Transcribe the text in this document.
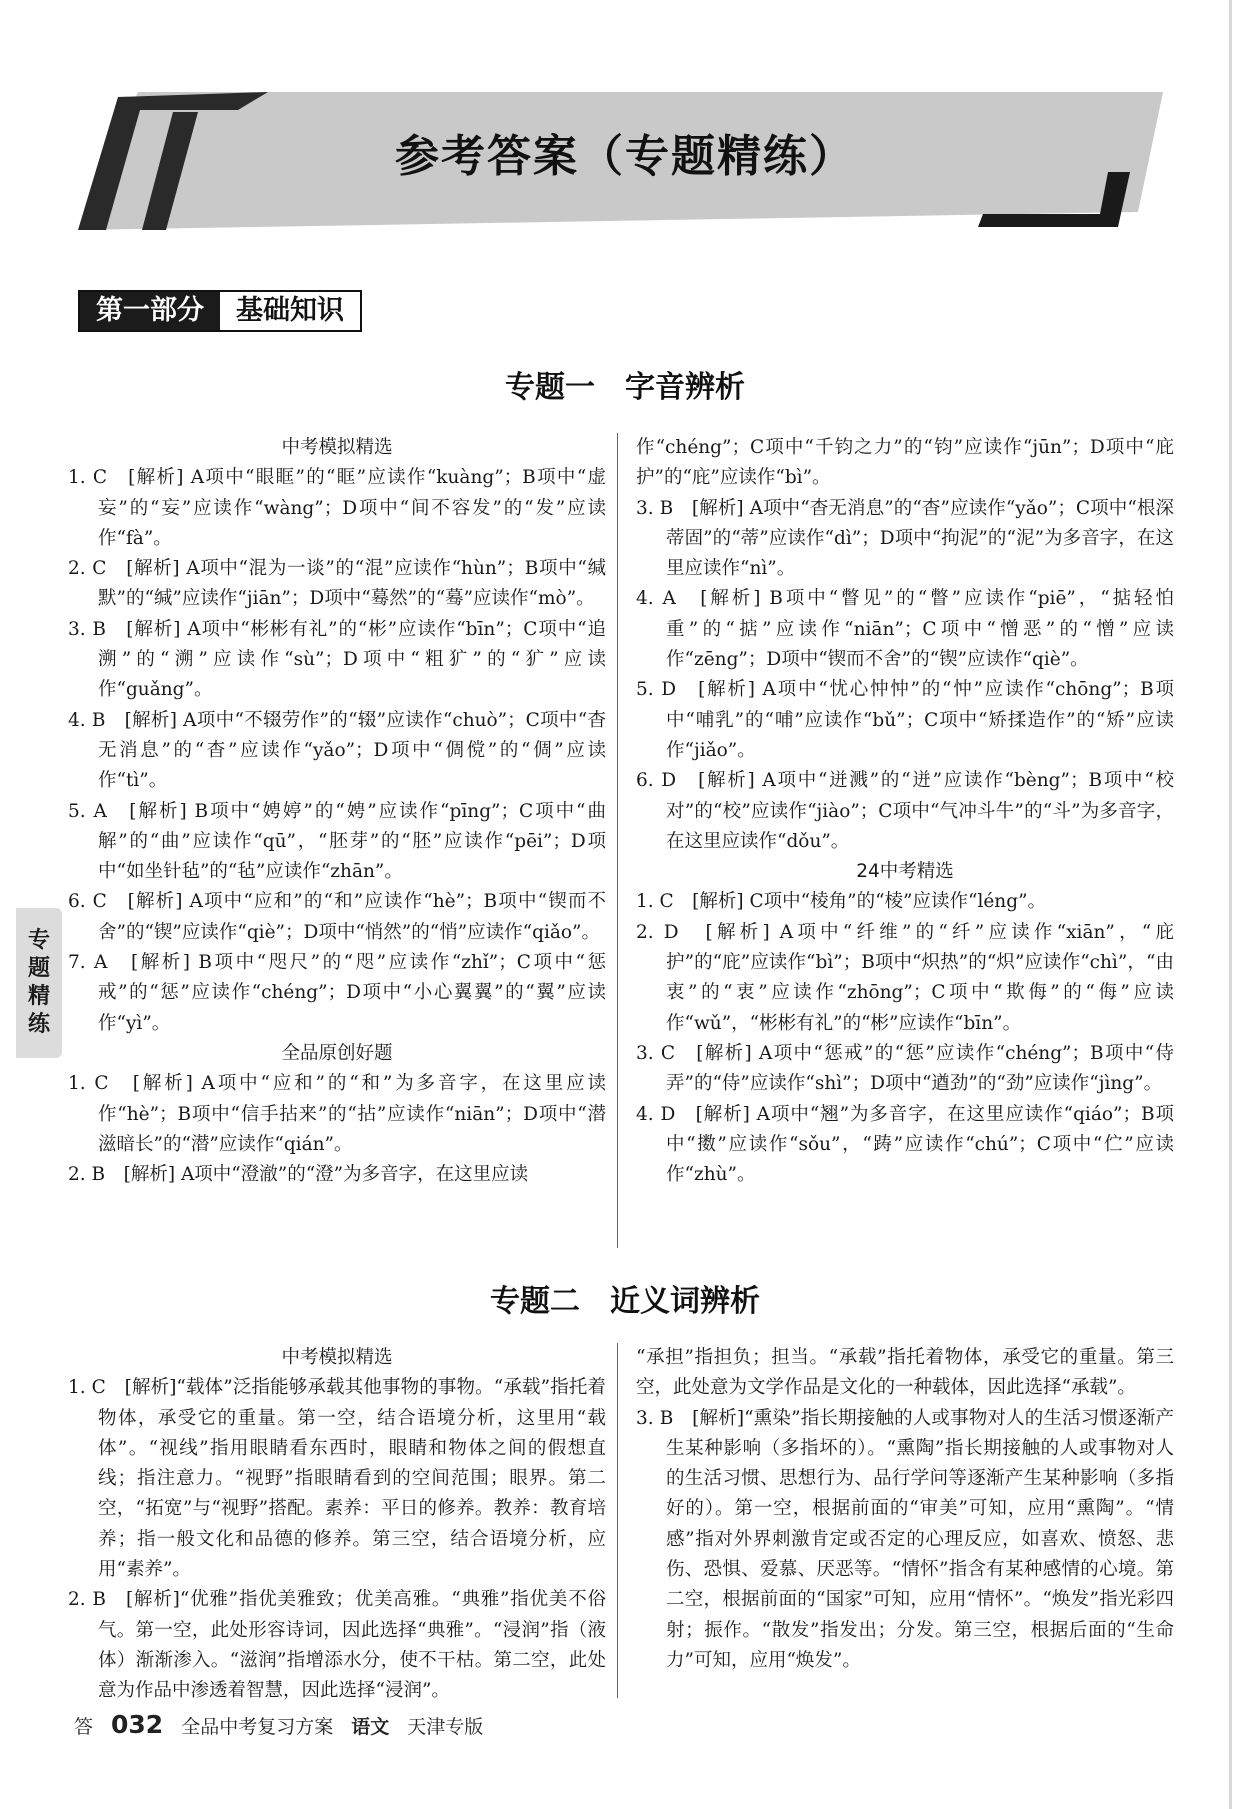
参考答案（专题精练）
第一部分	基础知识
专题一　字音辨析
中考模拟精选

1. C　[解析] A项中“眼眶”的“眶”应读作“kuàng”；B项中“虚妄”的“妄”应读作“wàng”；D项中“间不容发”的“发”应读作“fà”。

2. C　[解析] A项中“混为一谈”的“混”应读作“hùn”；B项中“缄默”的“缄”应读作“jiān”；D项中“蓦然”的“蓦”应读作“mò”。

3. B　[解析] A项中“彬彬有礼”的“彬”应读作“bīn”；C项中“追溯”的“溯”应读作“sù”；D项中“粗犷”的“犷”应读作“guǎng”。

4. B　[解析] A项中“不辍劳作”的“辍”应读作“chuò”；C项中“杳无消息”的“杳”应读作“yǎo”；D项中“倜傥”的“倜”应读作“tì”。

5. A　[解析] B项中“娉婷”的“娉”应读作“pīng”；C项中“曲解”的“曲”应读作“qū”，“胚芽”的“胚”应读作“pēi”；D项中“如坐针毡”的“毡”应读作“zhān”。

6. C　[解析] A项中“应和”的“和”应读作“hè”；B项中“锲而不舍”的“锲”应读作“qiè”；D项中“悄然”的“悄”应读作“qiǎo”。

7. A　[解析] B项中“咫尺”的“咫”应读作“zhǐ”；C项中“惩戒”的“惩”应读作“chéng”；D项中“小心翼翼”的“翼”应读作“yì”。

全品原创好题

1. C　[解析] A项中“应和”的“和”为多音字，在这里应读作“hè”；B项中“信手拈来”的“拈”应读作“niān”；D项中“潜滋暗长”的“潜”应读作“qián”。

2. B　[解析] A项中“澄澈”的“澄”为多音字，在这里应读

作“chéng”；C项中“千钧之力”的“钧”应读作“jūn”；D项中“庇护”的“庇”应读作“bì”。

3. B　[解析] A项中“杳无消息”的“杳”应读作“yǎo”；C项中“根深蒂固”的“蒂”应读作“dì”；D项中“拘泥”的“泥”为多音字，在这里应读作“nì”。

4. A　[解析] B项中“瞥见”的“瞥”应读作“piē”，“掂轻怕重”的“掂”应读作“niān”；C项中“憎恶”的“憎”应读作“zēng”；D项中“锲而不舍”的“锲”应读作“qiè”。

5. D　[解析] A项中“忧心忡忡”的“忡”应读作“chōng”；B项中“哺乳”的“哺”应读作“bǔ”；C项中“矫揉造作”的“矫”应读作“jiǎo”。

6. D　[解析] A项中“迸溅”的“迸”应读作“bèng”；B项中“校对”的“校”应读作“jiào”；C项中“气冲斗牛”的“斗”为多音字，在这里应读作“dǒu”。

24中考精选

1. C　[解析] C项中“棱角”的“棱”应读作“léng”。

2. D　[解析] A项中“纤维”的“纤”应读作“xiān”，“庇护”的“庇”应读作“bì”；B项中“炽热”的“炽”应读作“chì”，“由衷”的“衷”应读作“zhōng”；C项中“欺侮”的“侮”应读作“wǔ”，“彬彬有礼”的“彬”应读作“bīn”。

3. C　[解析] A项中“惩戒”的“惩”应读作“chéng”；B项中“侍弄”的“侍”应读作“shì”；D项中“遒劲”的“劲”应读作“jìng”。

4. D　[解析] A项中“翘”为多音字，在这里应读作“qiáo”；B项中“擞”应读作“sǒu”，“踌”应读作“chú”；C项中“伫”应读作“zhù”。

专题二　近义词辨析
中考模拟精选

1. C　[解析]“载体”泛指能够承载其他事物的事物。“承载”指托着物体，承受它的重量。第一空，结合语境分析，这里用“载体”。“视线”指用眼睛看东西时，眼睛和物体之间的假想直线；指注意力。“视野”指眼睛看到的空间范围；眼界。第二空，“拓宽”与“视野”搭配。素养：平日的修养。教养：教育培养；指一般文化和品德的修养。第三空，结合语境分析，应用“素养”。

2. B　[解析]“优雅”指优美雅致；优美高雅。“典雅”指优美不俗气。第一空，此处形容诗词，因此选择“典雅”。“浸润”指（液体）渐渐渗入。“滋润”指增添水分，使不干枯。第二空，此处意为作品中渗透着智慧，因此选择“浸润”。

“承担”指担负；担当。“承载”指托着物体，承受它的重量。第三空，此处意为文学作品是文化的一种载体，因此选择“承载”。

3. B　[解析]“熏染”指长期接触的人或事物对人的生活习惯逐渐产生某种影响（多指坏的）。“熏陶”指长期接触的人或事物对人的生活习惯、思想行为、品行学问等逐渐产生某种影响（多指好的）。第一空，根据前面的“审美”可知，应用“熏陶”。“情感”指对外界刺激肯定或否定的心理反应，如喜欢、愤怒、悲伤、恐惧、爱慕、厌恶等。“情怀”指含有某种感情的心境。第二空，根据前面的“国家”可知，应用“情怀”。“焕发”指光彩四射；振作。“散发”指发出；分发。第三空，根据后面的“生命力”可知，应用“焕发”。

专
题
精
练
答 032 全品中考复习方案 语文 天津专版
